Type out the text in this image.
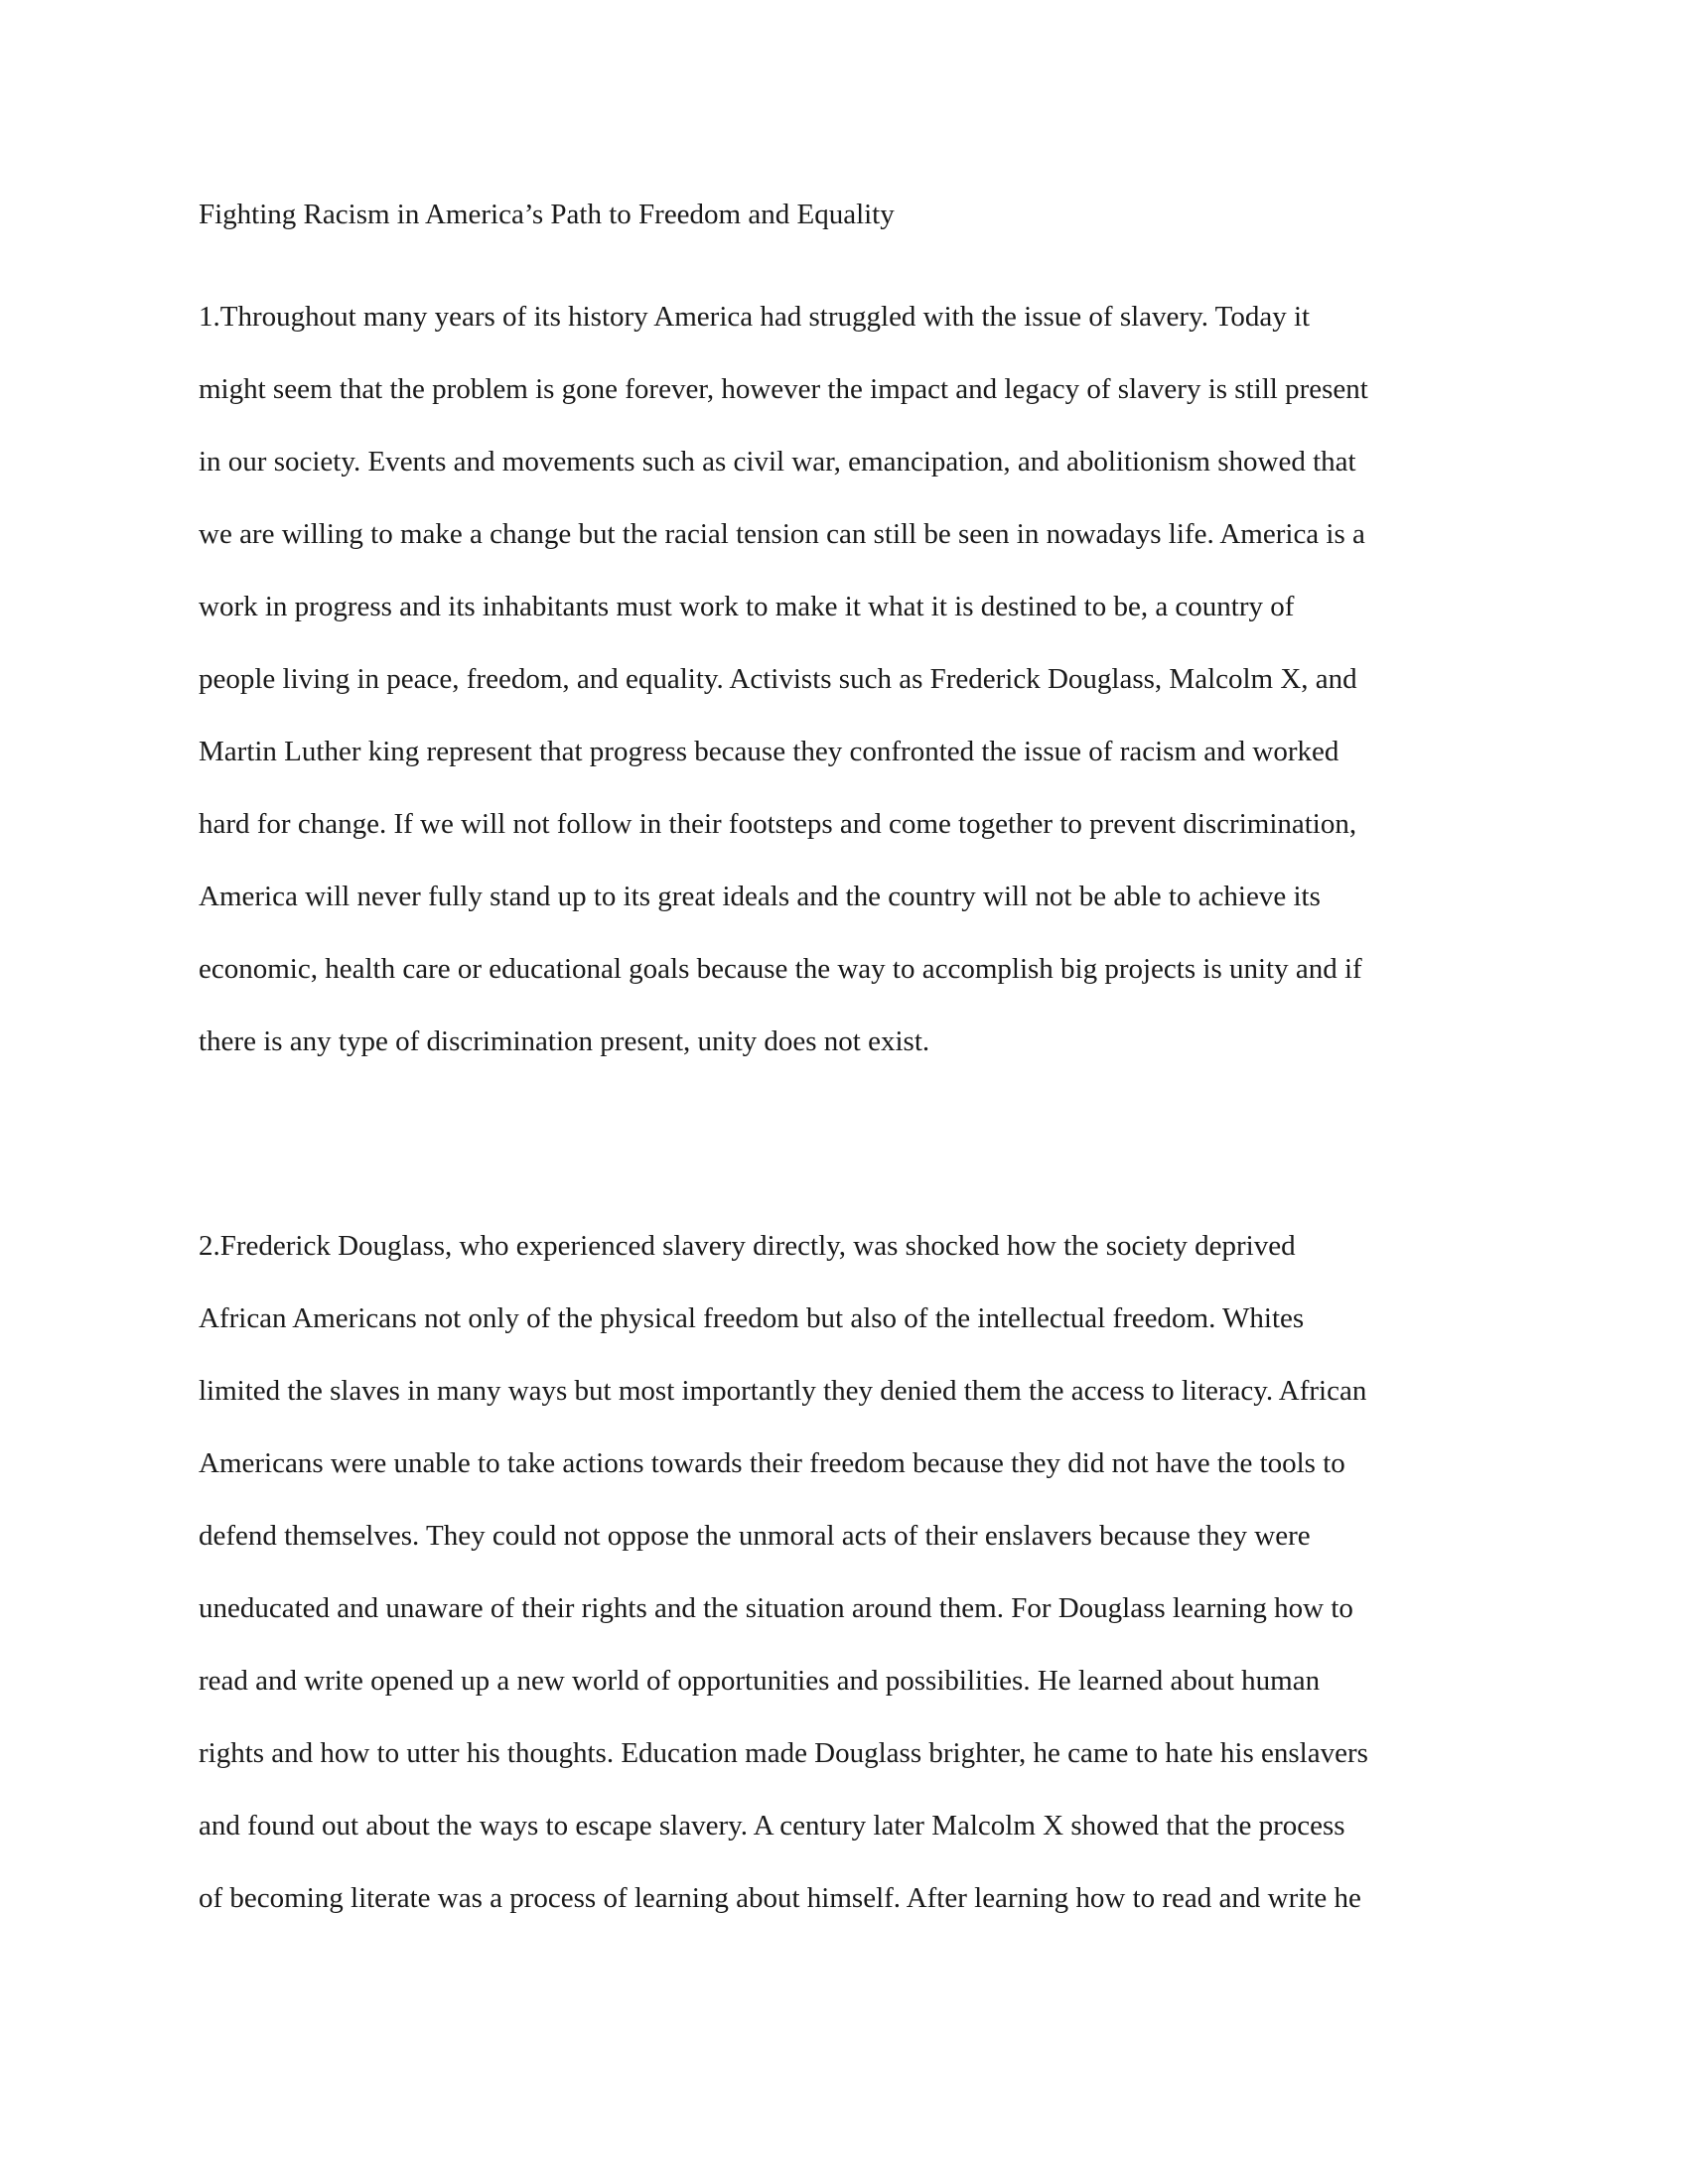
Fighting Racism in America’s Path to Freedom and Equality
1.Throughout many years of its history America had struggled with the issue of slavery. Today it
might seem that the problem is gone forever, however the impact and legacy of slavery is still present
in our society. Events and movements such as civil war, emancipation, and abolitionism showed that
we are willing to make a change but the racial tension can still be seen in nowadays life. America is a
work in progress and its inhabitants must work to make it what it is destined to be, a country of
people living in peace, freedom, and equality. Activists such as Frederick Douglass, Malcolm X, and
Martin Luther king represent that progress because they confronted the issue of racism and worked
hard for change. If we will not follow in their footsteps and come together to prevent discrimination,
America will never fully stand up to its great ideals and the country will not be able to achieve its
economic, health care or educational goals because the way to accomplish big projects is unity and if
there is any type of discrimination present, unity does not exist.
2.Frederick Douglass, who experienced slavery directly, was shocked how the society deprived
African Americans not only of the physical freedom but also of the intellectual freedom. Whites
limited the slaves in many ways but most importantly they denied them the access to literacy. African
Americans were unable to take actions towards their freedom because they did not have the tools to
defend themselves. They could not oppose the unmoral acts of their enslavers because they were
uneducated and unaware of their rights and the situation around them. For Douglass learning how to
read and write opened up a new world of opportunities and possibilities. He learned about human
rights and how to utter his thoughts. Education made Douglass brighter, he came to hate his enslavers
and found out about the ways to escape slavery. A century later Malcolm X showed that the process
of becoming literate was a process of learning about himself. After learning how to read and write he
